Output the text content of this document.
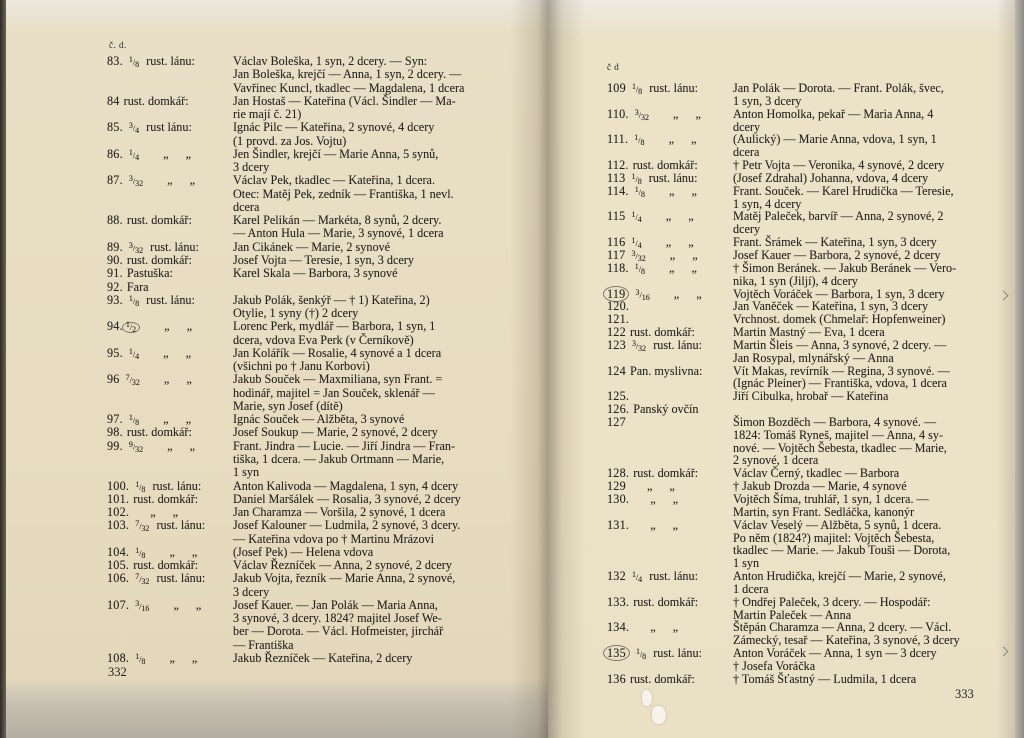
č. d.
83. $^1/_8$ rust. lánu:	Václav Boleška, 1 syn, 2 dcery. — Syn:
Jan Boleška, krejčí — Anna, 1 syn, 2 dcery. —
Vavřinec Kuncl, tkadlec — Magdalena, 1 dcera
84 rust. domkář:	Jan Hostaš — Kateřina (Václ. Šindler — Ma-
rie mají č. 21)
85. $^3/_4$ rust lánu:	Ignác Pilc — Kateřina, 2 synové, 4 dcery
(1 provd. za Jos. Vojtu)
86. $^1/_4$ „ „	Jen Šindler, krejčí — Marie Anna, 5 synů,
3 dcery
87. $^3/_{32}$ „ „	Václav Pek, tkadlec — Kateřina, 1 dcera.
Otec: Matěj Pek, zedník — Františka, 1 nevl.
dcera
88. rust. domkář:	Karel Pelikán — Markéta, 8 synů, 2 dcery.
— Anton Hula — Marie, 3 synové, 1 dcera
89. $^3/_{32}$ rust. lánu:	Jan Cikánek — Marie, 2 synové
90. rust. domkář:	Josef Vojta — Teresie, 1 syn, 3 dcery
91. Pastuška:	Karel Skala — Barbora, 3 synové
92. Fara
93. $^1/_8$ rust. lánu:	Jakub Polák, šenkýř — † 1) Kateřina, 2)
Otylie, 1 syny (†) 2 dcery
94. $^1/_2$ „ „	Lorenc Perk, mydlář — Barbora, 1 syn, 1
dcera, vdova Eva Perk (v Černíkově)
95. $^1/_4$ „ „	Jan Kolářík — Rosalie, 4 synové a 1 dcera
(všichni po † Janu Korbovi)
96 $^7/_{32}$ „ „	Jakub Souček — Maxmiliana, syn Frant. =
hodinář, majitel = Jan Souček, sklenář —
Marie, syn Josef (dítě)
97. $^1/_8$ „ „	Ignác Souček — Alžběta, 3 synové
98. rust. domkář:	Josef Soukup — Marie, 2 synové, 2 dcery
99. $^9/_{32}$ „ „	Frant. Jindra — Lucie. — Jiří Jindra — Fran-
tiška, 1 dcera. — Jakub Ortmann — Marie,
1 syn
100. $^1/_8$ rust. lánu:	Anton Kalivoda — Magdalena, 1 syn, 4 dcery
101. rust. domkář:	Daniel Maršálek — Rosalia, 3 synové, 2 dcery
102. „ „	Jan Charamza — Voršila, 2 synové, 1 dcera
103. $^7/_{32}$ rust. lánu:	Josef Kalouner — Ludmila, 2 synové, 3 dcery.
— Kateřina vdova po † Martinu Mrázovi
104. $^1/_8$ „ „	(Josef Pek) — Helena vdova
105. rust. domkář:	Václav Řezníček — Anna, 2 synové, 2 dcery
106. $^7/_{32}$ rust. lánu:	Jakub Vojta, řezník — Marie Anna, 2 synové,
3 dcery
107. $^3/_{16}$ „ „	Josef Kauer. — Jan Polák — Maria Anna,
3 synové, 3 dcery. 1824? majitel Josef We-
ber — Dorota. — Václ. Hofmeister, jirchář
— Františka
108. $^1/_8$ „ „	Jakub Řezníček — Kateřina, 2 dcery
332
č d
109 $^1/_8$ rust. lánu:	Jan Polák — Dorota. — Frant. Polák, švec,
1 syn, 3 dcery
110. $^3/_{32}$ „ „	Anton Homolka, pekař — Maria Anna, 4
dcery
111. $^1/_8$ „ „	(Aulický) — Marie Anna, vdova, 1 syn, 1
dcera
112. rust. domkář:	† Petr Vojta — Veronika, 4 synové, 2 dcery
113 $^1/_8$ rust. lánu:	(Josef Zdrahal) Johanna, vdova, 4 dcery
114. $^1/_8$ „ „	Frant. Souček. — Karel Hrudička — Teresie,
1 syn, 4 dcery
115 $^1/_4$ „ „	Matěj Paleček, barvíř — Anna, 2 synové, 2
dcery
116 $^1/_4$ „ „	Frant. Šrámek — Kateřina, 1 syn, 3 dcery
117 $^3/_{32}$ „ „	Josef Kauer — Barbora, 2 synové, 2 dcery
118. $^1/_8$ „ „	† Šimon Beránek. — Jakub Beránek — Vero-
nika, 1 syn (Jiljí), 4 dcery
119 $^3/_{16}$ „ „	Vojtěch Voráček — Barbora, 1 syn, 3 dcery
120.	Jan Vaněček — Kateřina, 1 syn, 3 dcery
121.	Vrchnost. domek (Chmelař: Hopfenweiner)
122 rust. domkář:	Martin Mastný — Eva, 1 dcera
123 $^3/_{32}$ rust. lánu:	Martin Šleis — Anna, 3 synové, 2 dcery. —
Jan Rosypal, mlynářský — Anna
124 Pan. myslivna:	Vít Makas, revírník — Regina, 3 synové. —
(Ignác Pleiner) — Františka, vdova, 1 dcera
125.	Jiří Cibulka, hrobař — Kateřina
126. Panský ovčín
127	Šimon Bozděch — Barbora, 4 synové. —
1824: Tomáš Ryneš, majitel — Anna, 4 sy-
nové. — Vojtěch Šebesta, tkadlec — Marie,
2 synové, 1 dcera
128. rust. domkář:	Václav Černý, tkadlec — Barbora
129 „ „	† Jakub Drozda — Marie, 4 synové
130. „ „	Vojtěch Šíma, truhlář, 1 syn, 1 dcera. —
Martin, syn Frant. Sedláčka, kanonýr
131. „ „	Václav Veselý — Alžběta, 5 synů, 1 dcera.
Po něm (1824?) majitel: Vojtěch Šebesta,
tkadlec — Marie. — Jakub Touši — Dorota,
1 syn
132 $^1/_4$ rust. lánu:	Anton Hrudička, krejčí — Marie, 2 synové,
1 dcera
133. rust. domkář:	† Ondřej Paleček, 3 dcery. — Hospodář:
Martin Paleček — Anna
134. „ „	Štěpán Charamza — Anna, 2 dcery. — Václ.
Zámecký, tesař — Kateřina, 3 synové, 3 dcery
135 $^1/_8$ rust. lánu:	Anton Voráček — Anna, 1 syn — 3 dcery
† Josefa Voráčka
136 rust. domkář:	† Tomáš Šťastný — Ludmila, 1 dcera
333
